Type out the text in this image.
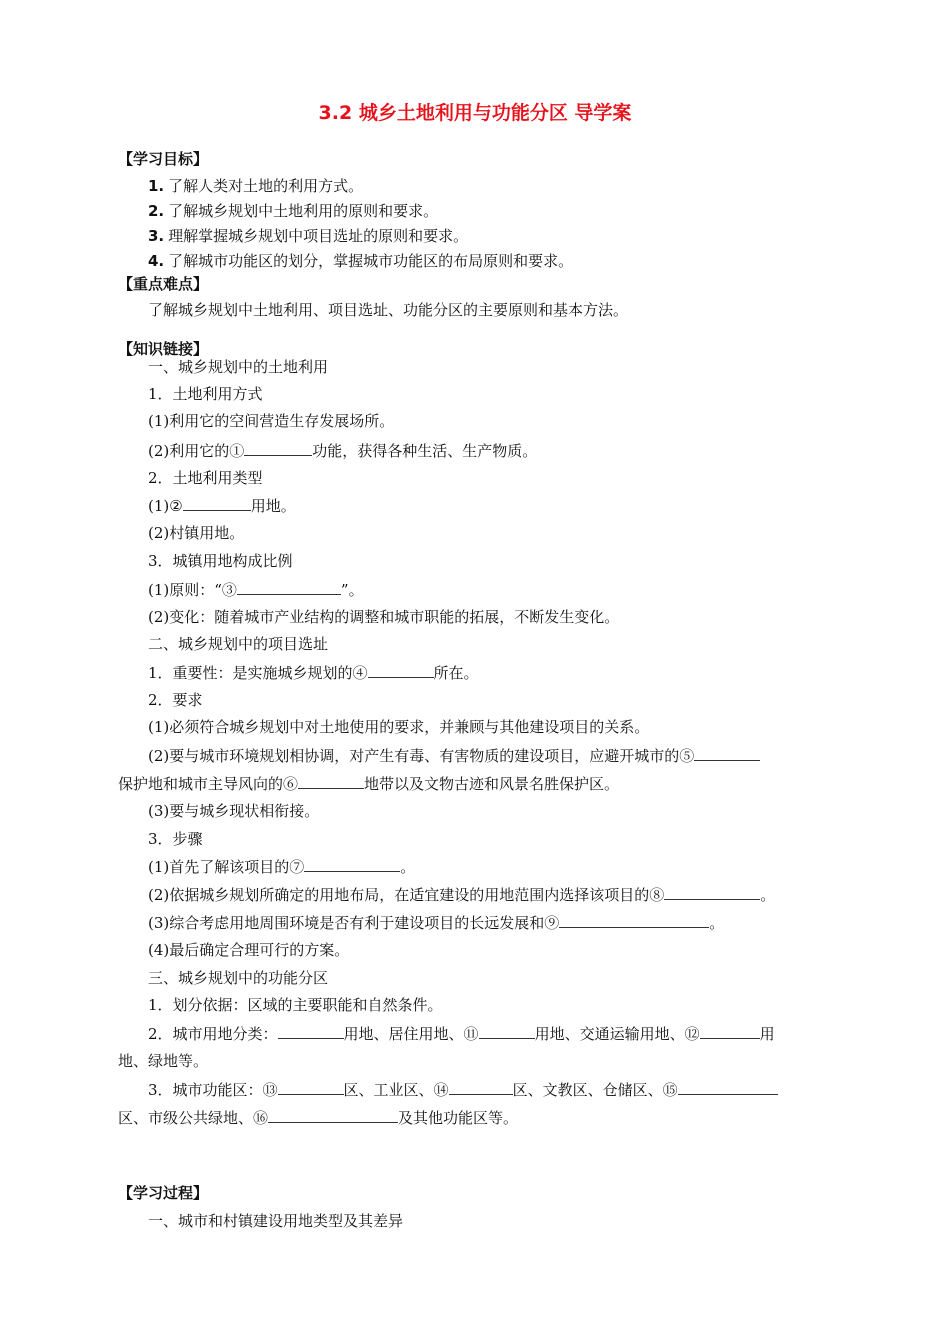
3.2 城乡土地利用与功能分区 导学案
【学习目标】
1. 了解人类对土地的利用方式。
2. 了解城乡规划中土地利用的原则和要求。
3. 理解掌握城乡规划中项目选址的原则和要求。
4. 了解城市功能区的划分，掌握城市功能区的布局原则和要求。
【重点难点】
了解城乡规划中土地利用、项目选址、功能分区的主要原则和基本方法。
【知识链接】
一、城乡规划中的土地利用
1．土地利用方式
(1)利用它的空间营造生存发展场所。
(2)利用它的①	功能，获得各种生活、生产物质。
2．土地利用类型
(1)②	用地。
(2)村镇用地。
3．城镇用地构成比例
(1)原则：“③	”。
(2)变化：随着城市产业结构的调整和城市职能的拓展，不断发生变化。
二、城乡规划中的项目选址
1．重要性：是实施城乡规划的④	所在。
2．要求
(1)必须符合城乡规划中对土地使用的要求，并兼顾与其他建设项目的关系。
(2)要与城市环境规划相协调，对产生有毒、有害物质的建设项目，应避开城市的⑤
保护地和城市主导风向的⑥	地带以及文物古迹和风景名胜保护区。
(3)要与城乡现状相衔接。
3．步骤
(1)首先了解该项目的⑦	。
(2)依据城乡规划所确定的用地布局，在适宜建设的用地范围内选择该项目的⑧	。
(3)综合考虑用地周围环境是否有利于建设项目的长远发展和⑨	。
(4)最后确定合理可行的方案。
三、城乡规划中的功能分区
1．划分依据：区域的主要职能和自然条件。
2．城市用地分类：	用地、居住用地、⑪	用地、交通运输用地、⑫	用
地、绿地等。
3．城市功能区：⑬	区、工业区、⑭	区、文教区、仓储区、⑮
区、市级公共绿地、⑯	及其他功能区等。
【学习过程】
一、城市和村镇建设用地类型及其差异
